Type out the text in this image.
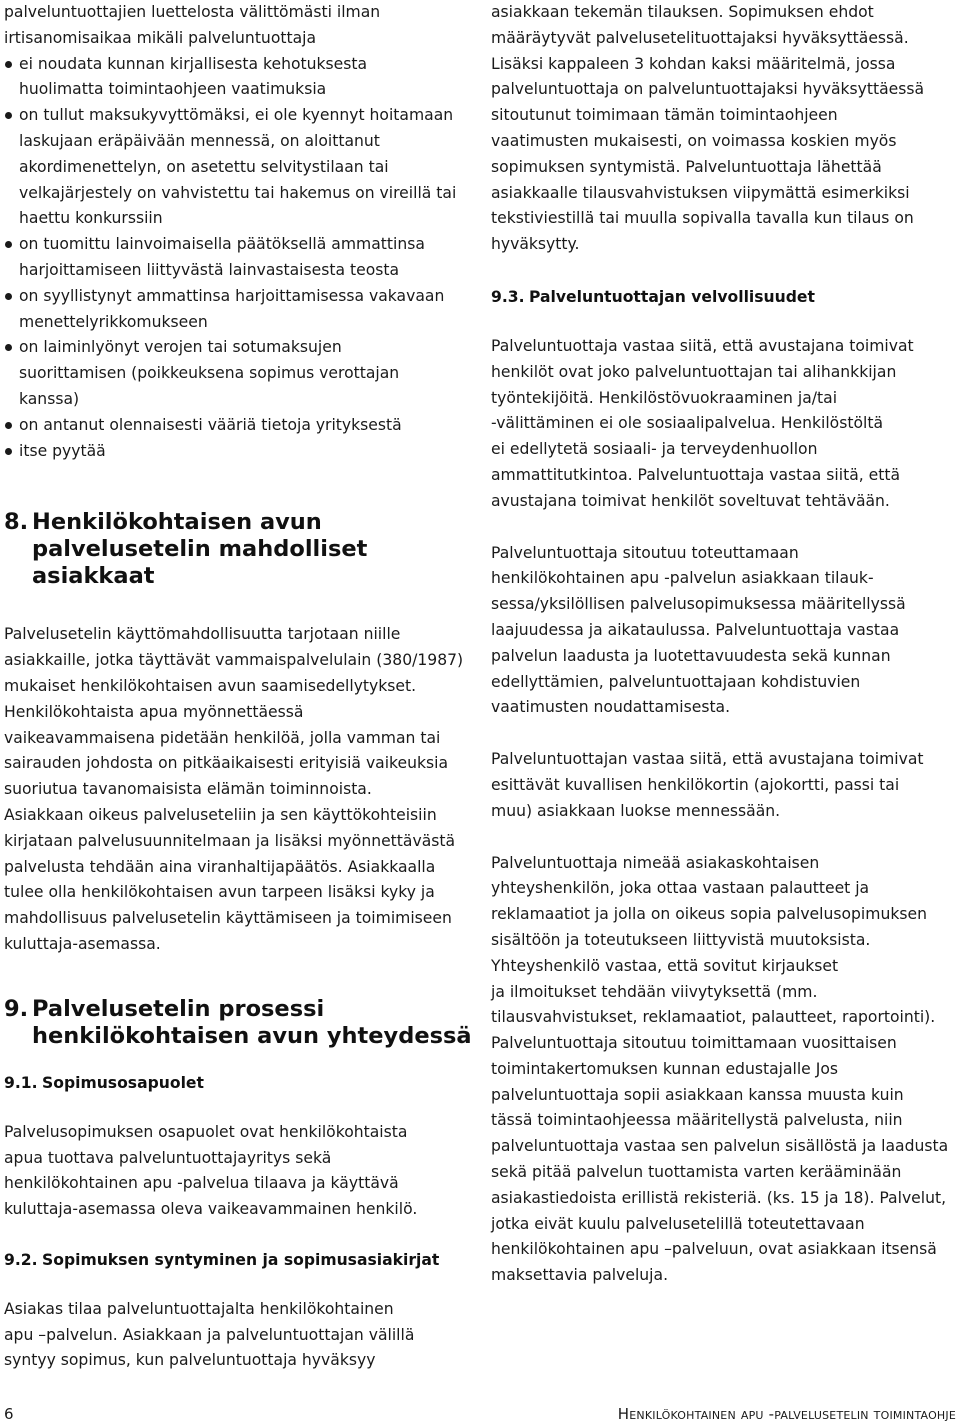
palveluntuottajien luettelosta välittömästi ilman

irtisanomisaikaa mikäli palveluntuottaja

ei noudata kunnan kirjallisesta kehotuksesta
huolimatta toimintaohjeen vaatimuksia
on tullut maksukyvyttömäksi, ei ole kyennyt hoitamaan
laskujaan eräpäivään mennessä, on aloittanut
akordimenettelyn, on asetettu selvitystilaan tai
velkajärjestely on vahvistettu tai hakemus on vireillä tai
haettu konkurssiin
on tuomittu lainvoimaisella päätöksellä ammattinsa
harjoittamiseen liittyvästä lainvastaisesta teosta
on syyllistynyt ammattinsa harjoittamisessa vakavaan
menettelyrikkomukseen
on laiminlyönyt verojen tai sotumaksujen
suorittamisen (poikkeuksena sopimus verottajan
kanssa)
on antanut olennaisesti vääriä tietoja yrityksestä
itse pyytää
8. Henkilökohtaisen avun
palvelusetelin mahdolliset asiakkaat

Palvelusetelin käyttömahdollisuutta tarjotaan niille

asiakkaille, jotka täyttävät vammaispalvelulain (380/1987)

mukaiset henkilökohtaisen avun saamisedellytykset.

Henkilökohtaista apua myönnettäessä

vaikeavammaisena pidetään henkilöä, jolla vamman tai

sairauden johdosta on pitkäaikaisesti erityisiä vaikeuksia

suoriutua tavanomaisista elämän toiminnoista.

Asiakkaan oikeus palveluseteliin ja sen käyttökohteisiin

kirjataan palvelusuunnitelmaan ja lisäksi myönnettävästä

palvelusta tehdään aina viranhaltijapäätös. Asiakkaalla

tulee olla henkilökohtaisen avun tarpeen lisäksi kyky ja

mahdollisuus palvelusetelin käyttämiseen ja toimimiseen

kuluttaja-asemassa.

9. Palvelusetelin prosessi
henkilökohtaisen avun yhteydessä
9.1. Sopimusosapuolet

Palvelusopimuksen osapuolet ovat henkilökohtaista

apua tuottava palveluntuottajayritys sekä

henkilökohtainen apu -palvelua tilaava ja käyttävä

kuluttaja-asemassa oleva vaikeavammainen henkilö.

9.2. Sopimuksen syntyminen ja sopimusasiakirjat

Asiakas tilaa palveluntuottajalta henkilökohtainen

apu –palvelun. Asiakkaan ja palveluntuottajan välillä

syntyy sopimus, kun palveluntuottaja hyväksyy

asiakkaan tekemän tilauksen. Sopimuksen ehdot

määräytyvät palvelusetelituottajaksi hyväksyttäessä.

Lisäksi kappaleen 3 kohdan kaksi määritelmä, jossa

palveluntuottaja on palveluntuottajaksi hyväksyttäessä

sitoutunut toimimaan tämän toimintaohjeen

vaatimusten mukaisesti, on voimassa koskien myös

sopimuksen syntymistä. Palveluntuottaja lähettää

asiakkaalle tilausvahvistuksen viipymättä esimerkiksi

tekstiviestillä tai muulla sopivalla tavalla kun tilaus on

hyväksytty.

9.3. Palveluntuottajan velvollisuudet

Palveluntuottaja vastaa siitä, että avustajana toimivat

henkilöt ovat joko palveluntuottajan tai alihankkijan

työntekijöitä. Henkilöstövuokraaminen ja/tai

-välittäminen ei ole sosiaalipalvelua. Henkilöstöltä

ei edellytetä sosiaali- ja terveydenhuollon

ammattitutkintoa. Palveluntuottaja vastaa siitä, että

avustajana toimivat henkilöt soveltuvat tehtävään.

Palveluntuottaja sitoutuu toteuttamaan

henkilökohtainen apu -palvelun asiakkaan tilauk-

sessa/yksilöllisen palvelusopimuksessa määritellyssä

laajuudessa ja aikataulussa. Palveluntuottaja vastaa

palvelun laadusta ja luotettavuudesta sekä kunnan

edellyttämien, palveluntuottajaan kohdistuvien

vaatimusten noudattamisesta.

Palveluntuottajan vastaa siitä, että avustajana toimivat

esittävät kuvallisen henkilökortin (ajokortti, passi tai

muu) asiakkaan luokse mennessään.

Palveluntuottaja nimeää asiakaskohtaisen

yhteyshenkilön, joka ottaa vastaan palautteet ja

reklamaatiot ja jolla on oikeus sopia palvelusopimuksen

sisältöön ja toteutukseen liittyvistä muutoksista.

Yhteyshenkilö vastaa, että sovitut kirjaukset

ja ilmoitukset tehdään viivytyksettä (mm.

tilausvahvistukset, reklamaatiot, palautteet, raportointi).

Palveluntuottaja sitoutuu toimittamaan vuosittaisen

toimintakertomuksen kunnan edustajalle Jos

palveluntuottaja sopii asiakkaan kanssa muusta kuin

tässä toimintaohjeessa määritellystä palvelusta, niin

palveluntuottaja vastaa sen palvelun sisällöstä ja laadusta

sekä pitää palvelun tuottamista varten kerääminään

asiakastiedoista erillistä rekisteriä. (ks. 15 ja 18). Palvelut,

jotka eivät kuulu palvelusetelillä toteutettavaan

henkilökohtainen apu –palveluun, ovat asiakkaan itsensä

maksettavia palveluja.

6	Henkilökohtainen apu -palvelusetelin toimintaohje
